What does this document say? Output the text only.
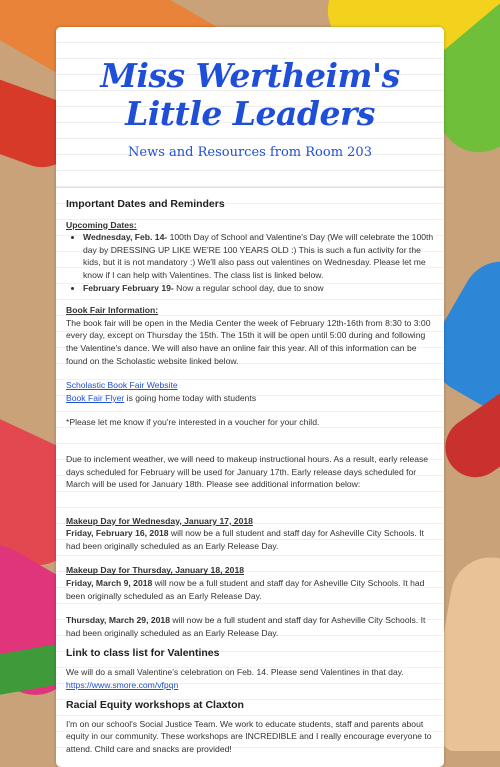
Miss Wertheim's
Little Leaders
News and Resources from Room 203
Important Dates and Reminders
Upcoming Dates:
• Wednesday, Feb. 14- 100th Day of School and Valentine's Day (We will celebrate the 100th day by DRESSING UP LIKE WE'RE 100 YEARS OLD :) This is such a fun activity for the kids, but it is not mandatory :) We'll also pass out valentines on Wednesday. Please let me know if I can help with Valentines. The class list is linked below.
• February February 19- Now a regular school day, due to snow
Book Fair Information:

The book fair will be open in the Media Center the week of February 12th-16th from 8:30 to 3:00 every day, except on Thursday the 15th. The 15th it will be open until 5:00 during and following the Valentine's dance. We will also have an online fair this year. All of this information can be found on the Scholastic website linked below.

Scholastic Book Fair Website

Book Fair Flyer is going home today with students

*Please let me know if you're interested in a voucher for your child.

Due to inclement weather, we will need to makeup instructional hours. As a result, early release days scheduled for February will be used for January 17th. Early release days scheduled for March will be used for January 18th. Please see additional information below:

Makeup Day for Wednesday, January 17, 2018

Friday, February 16, 2018 will now be a full student and staff day for Asheville City Schools. It had been originally scheduled as an Early Release Day.

Makeup Day for Thursday, January 18, 2018

Friday, March 9, 2018 will now be a full student and staff day for Asheville City Schools. It had been originally scheduled as an Early Release Day.

Thursday, March 29, 2018 will now be a full student and staff day for Asheville City Schools. It had been originally scheduled as an Early Release Day.

Link to class list for Valentines

We will do a small Valentine's celebration on Feb. 14. Please send Valentines in that day.

https://www.smore.com/vfpqn

Racial Equity workshops at Claxton

I'm on our school's Social Justice Team. We work to educate students, staff and parents about equity in our community. These workshops are INCREDIBLE and I really encourage everyone to attend. Child care and snacks are provided!
